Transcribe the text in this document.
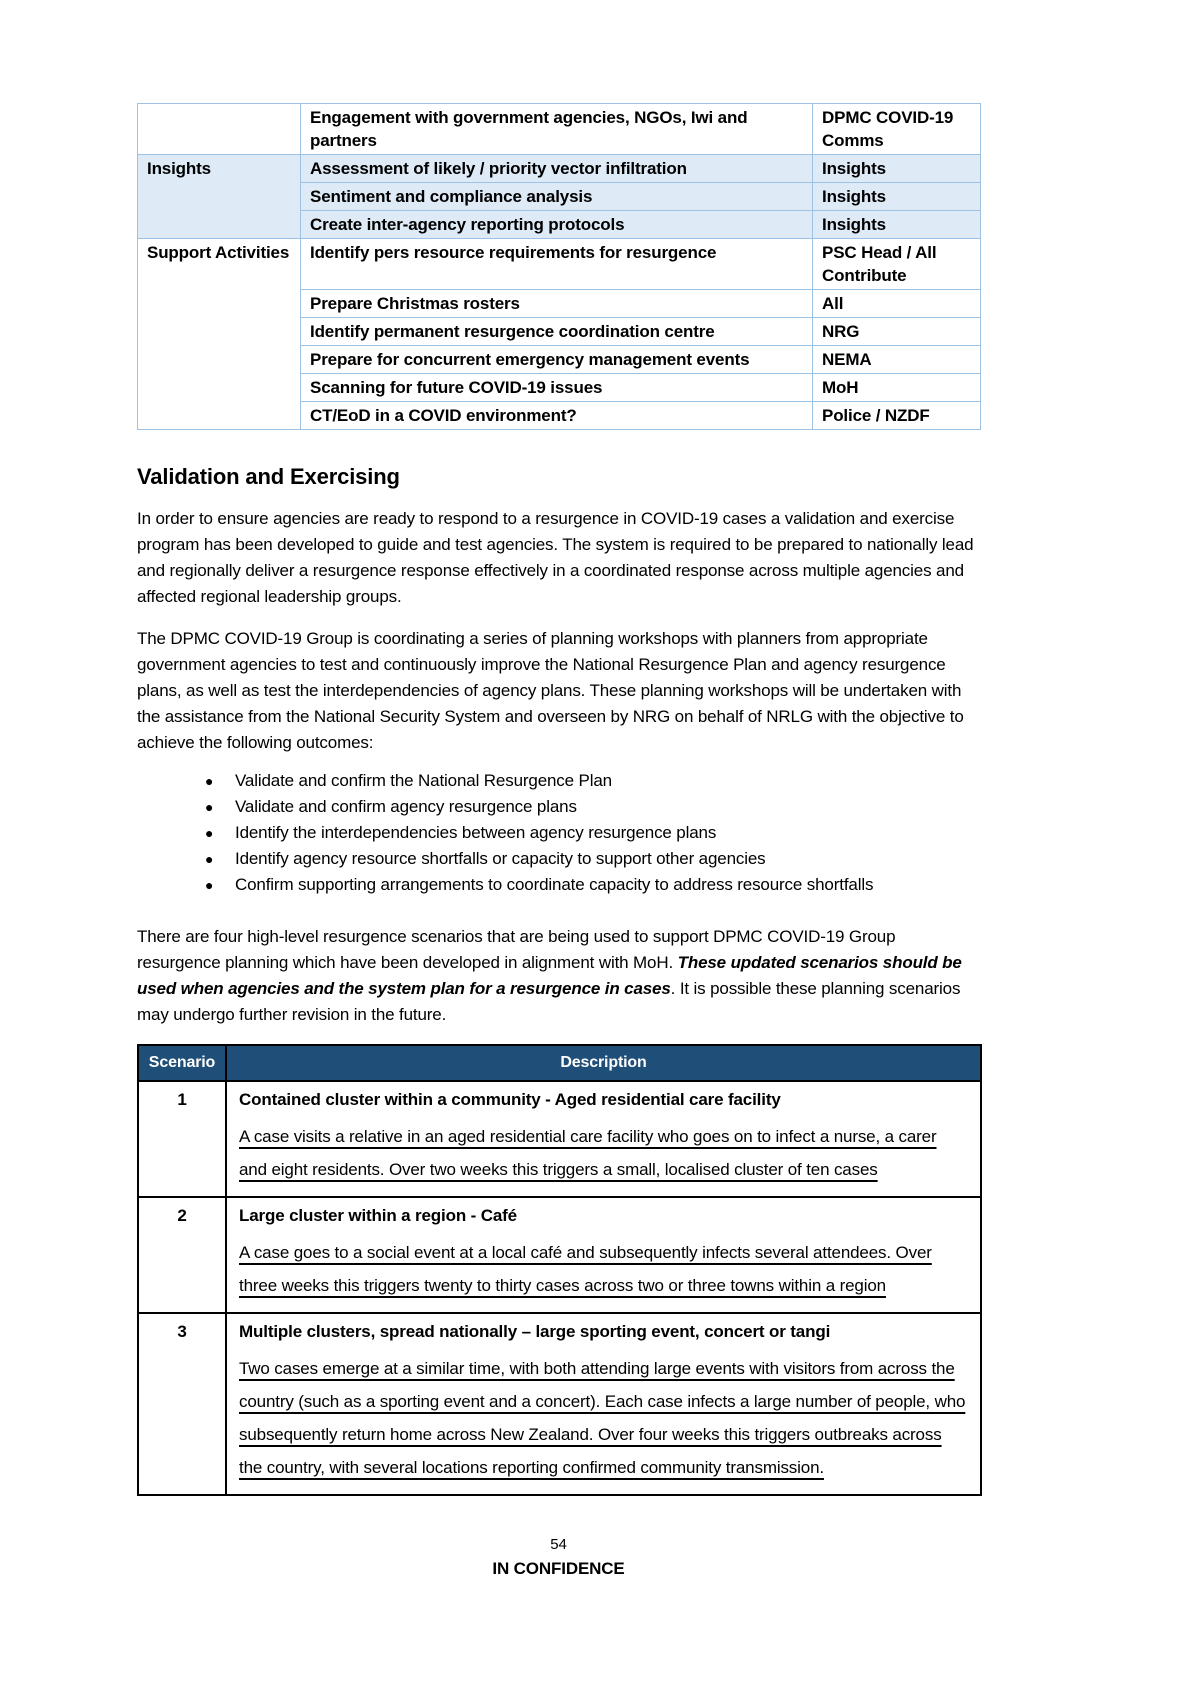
	Engagement with government agencies, NGOs, Iwi and partners	DPMC COVID-19 Comms
Insights	Assessment of likely / priority vector infiltration	Insights
	Sentiment and compliance analysis	Insights
	Create inter-agency reporting protocols	Insights
Support Activities	Identify pers resource requirements for resurgence	PSC Head / All Contribute
	Prepare Christmas rosters	All
	Identify permanent resurgence coordination centre	NRG
	Prepare for concurrent emergency management events	NEMA
	Scanning for future COVID-19 issues	MoH
	CT/EoD in a COVID environment?	Police / NZDF
Validation and Exercising

In order to ensure agencies are ready to respond to a resurgence in COVID-19 cases a validation and exercise program has been developed to guide and test agencies. The system is required to be prepared to nationally lead and regionally deliver a resurgence response effectively in a coordinated response across multiple agencies and affected regional leadership groups.

The DPMC COVID-19 Group is coordinating a series of planning workshops with planners from appropriate government agencies to test and continuously improve the National Resurgence Plan and agency resurgence plans, as well as test the interdependencies of agency plans. These planning workshops will be undertaken with the assistance from the National Security System and overseen by NRG on behalf of NRLG with the objective to achieve the following outcomes:

●	Validate and confirm the National Resurgence Plan
●	Validate and confirm agency resurgence plans
●	Identify the interdependencies between agency resurgence plans
●	Identify agency resource shortfalls or capacity to support other agencies
●	Confirm supporting arrangements to coordinate capacity to address resource shortfalls

There are four high-level resurgence scenarios that are being used to support DPMC COVID-19 Group resurgence planning which have been developed in alignment with MoH. These updated scenarios should be used when agencies and the system plan for a resurgence in cases. It is possible these planning scenarios may undergo further revision in the future.

Scenario	Description
1	Contained cluster within a community - Aged residential care facility
A case visits a relative in an aged residential care facility who goes on to infect a nurse, a carer and eight residents. Over two weeks this triggers a small, localised cluster of ten cases

2	Large cluster within a region - Café
A case goes to a social event at a local café and subsequently infects several attendees. Over three weeks this triggers twenty to thirty cases across two or three towns within a region

3	Multiple clusters, spread nationally – large sporting event, concert or tangi
Two cases emerge at a similar time, with both attending large events with visitors from across the country (such as a sporting event and a concert). Each case infects a large number of people, who subsequently return home across New Zealand. Over four weeks this triggers outbreaks across the country, with several locations reporting confirmed community transmission.
54
IN CONFIDENCE
